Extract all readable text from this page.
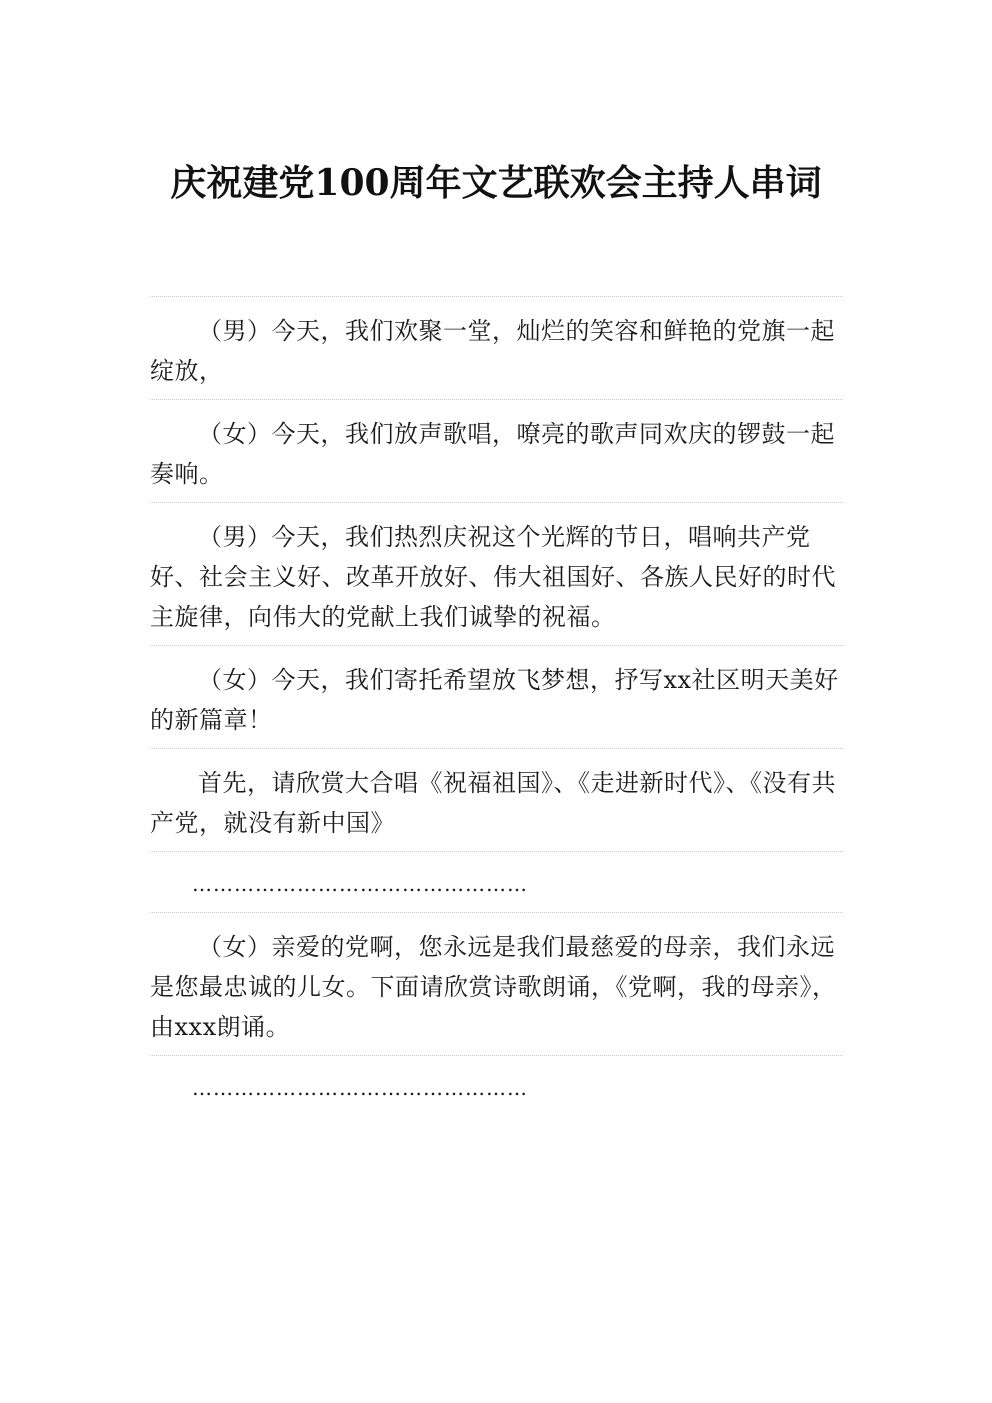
庆祝建党100周年文艺联欢会主持人串词

（男）今天，我们欢聚一堂，灿烂的笑容和鲜艳的党旗一起绽放，

（女）今天，我们放声歌唱，嘹亮的歌声同欢庆的锣鼓一起奏响。

（男）今天，我们热烈庆祝这个光辉的节日，唱响共产党好、社会主义好、改革开放好、伟大祖国好、各族人民好的时代主旋律，向伟大的党献上我们诚挚的祝福。

（女）今天，我们寄托希望放飞梦想，抒写xx社区明天美好的新篇章！

首先，请欣赏大合唱《祝福祖国》、《走进新时代》、《没有共产党，就没有新中国》

…………………………………………

（女）亲爱的党啊，您永远是我们最慈爱的母亲，我们永远是您最忠诚的儿女。下面请欣赏诗歌朗诵，《党啊，我的母亲》，由xxx朗诵。

…………………………………………
